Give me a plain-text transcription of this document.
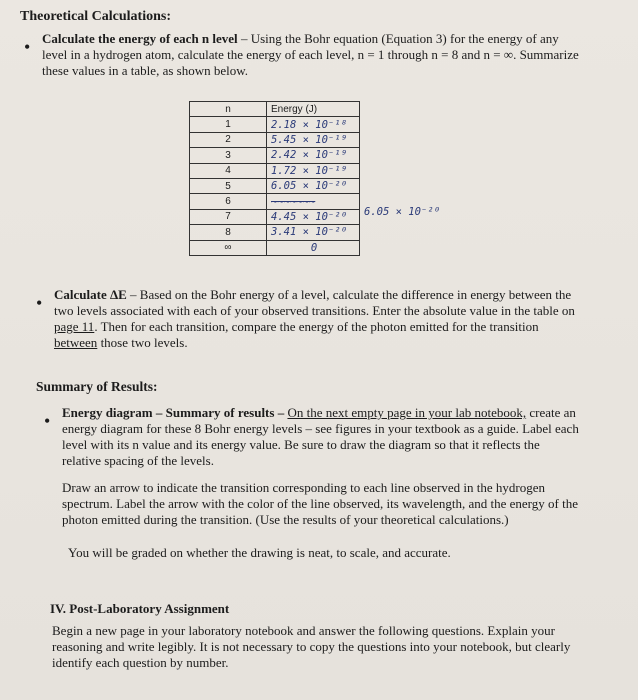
Theoretical Calculations:

• Calculate the energy of each n level – Using the Bohr equation (Equation 3) for the energy of any level in a hydrogen atom, calculate the energy of each level, n = 1 through n = 8 and n = ∞. Summarize these values in a table, as shown below.

n	Energy (J)
1	2.18 × 10⁻¹⁸
2	5.45 × 10⁻¹⁹
3	2.42 × 10⁻¹⁹
4	1.72 × 10⁻¹⁹
5	6.05 × 10⁻²⁰
6	~~~~~~~
7	4.45 × 10⁻²⁰
8	3.41 × 10⁻²⁰
∞	0
6.05 × 10⁻²⁰
• Calculate ΔE – Based on the Bohr energy of a level, calculate the difference in energy between the two levels associated with each of your observed transitions. Enter the absolute value in the table on page 11. Then for each transition, compare the energy of the photon emitted for the transition between those two levels.

Summary of Results:

• Energy diagram – Summary of results – On the next empty page in your lab notebook, create an energy diagram for these 8 Bohr energy levels – see figures in your textbook as a guide. Label each level with its n value and its energy value. Be sure to draw the diagram so that it reflects the relative spacing of the levels.

Draw an arrow to indicate the transition corresponding to each line observed in the hydrogen spectrum. Label the arrow with the color of the line observed, its wavelength, and the energy of the photon emitted during the transition. (Use the results of your theoretical calculations.)

You will be graded on whether the drawing is neat, to scale, and accurate.

IV. Post-Laboratory Assignment

Begin a new page in your laboratory notebook and answer the following questions. Explain your reasoning and write legibly. It is not necessary to copy the questions into your notebook, but clearly identify each question by number.
